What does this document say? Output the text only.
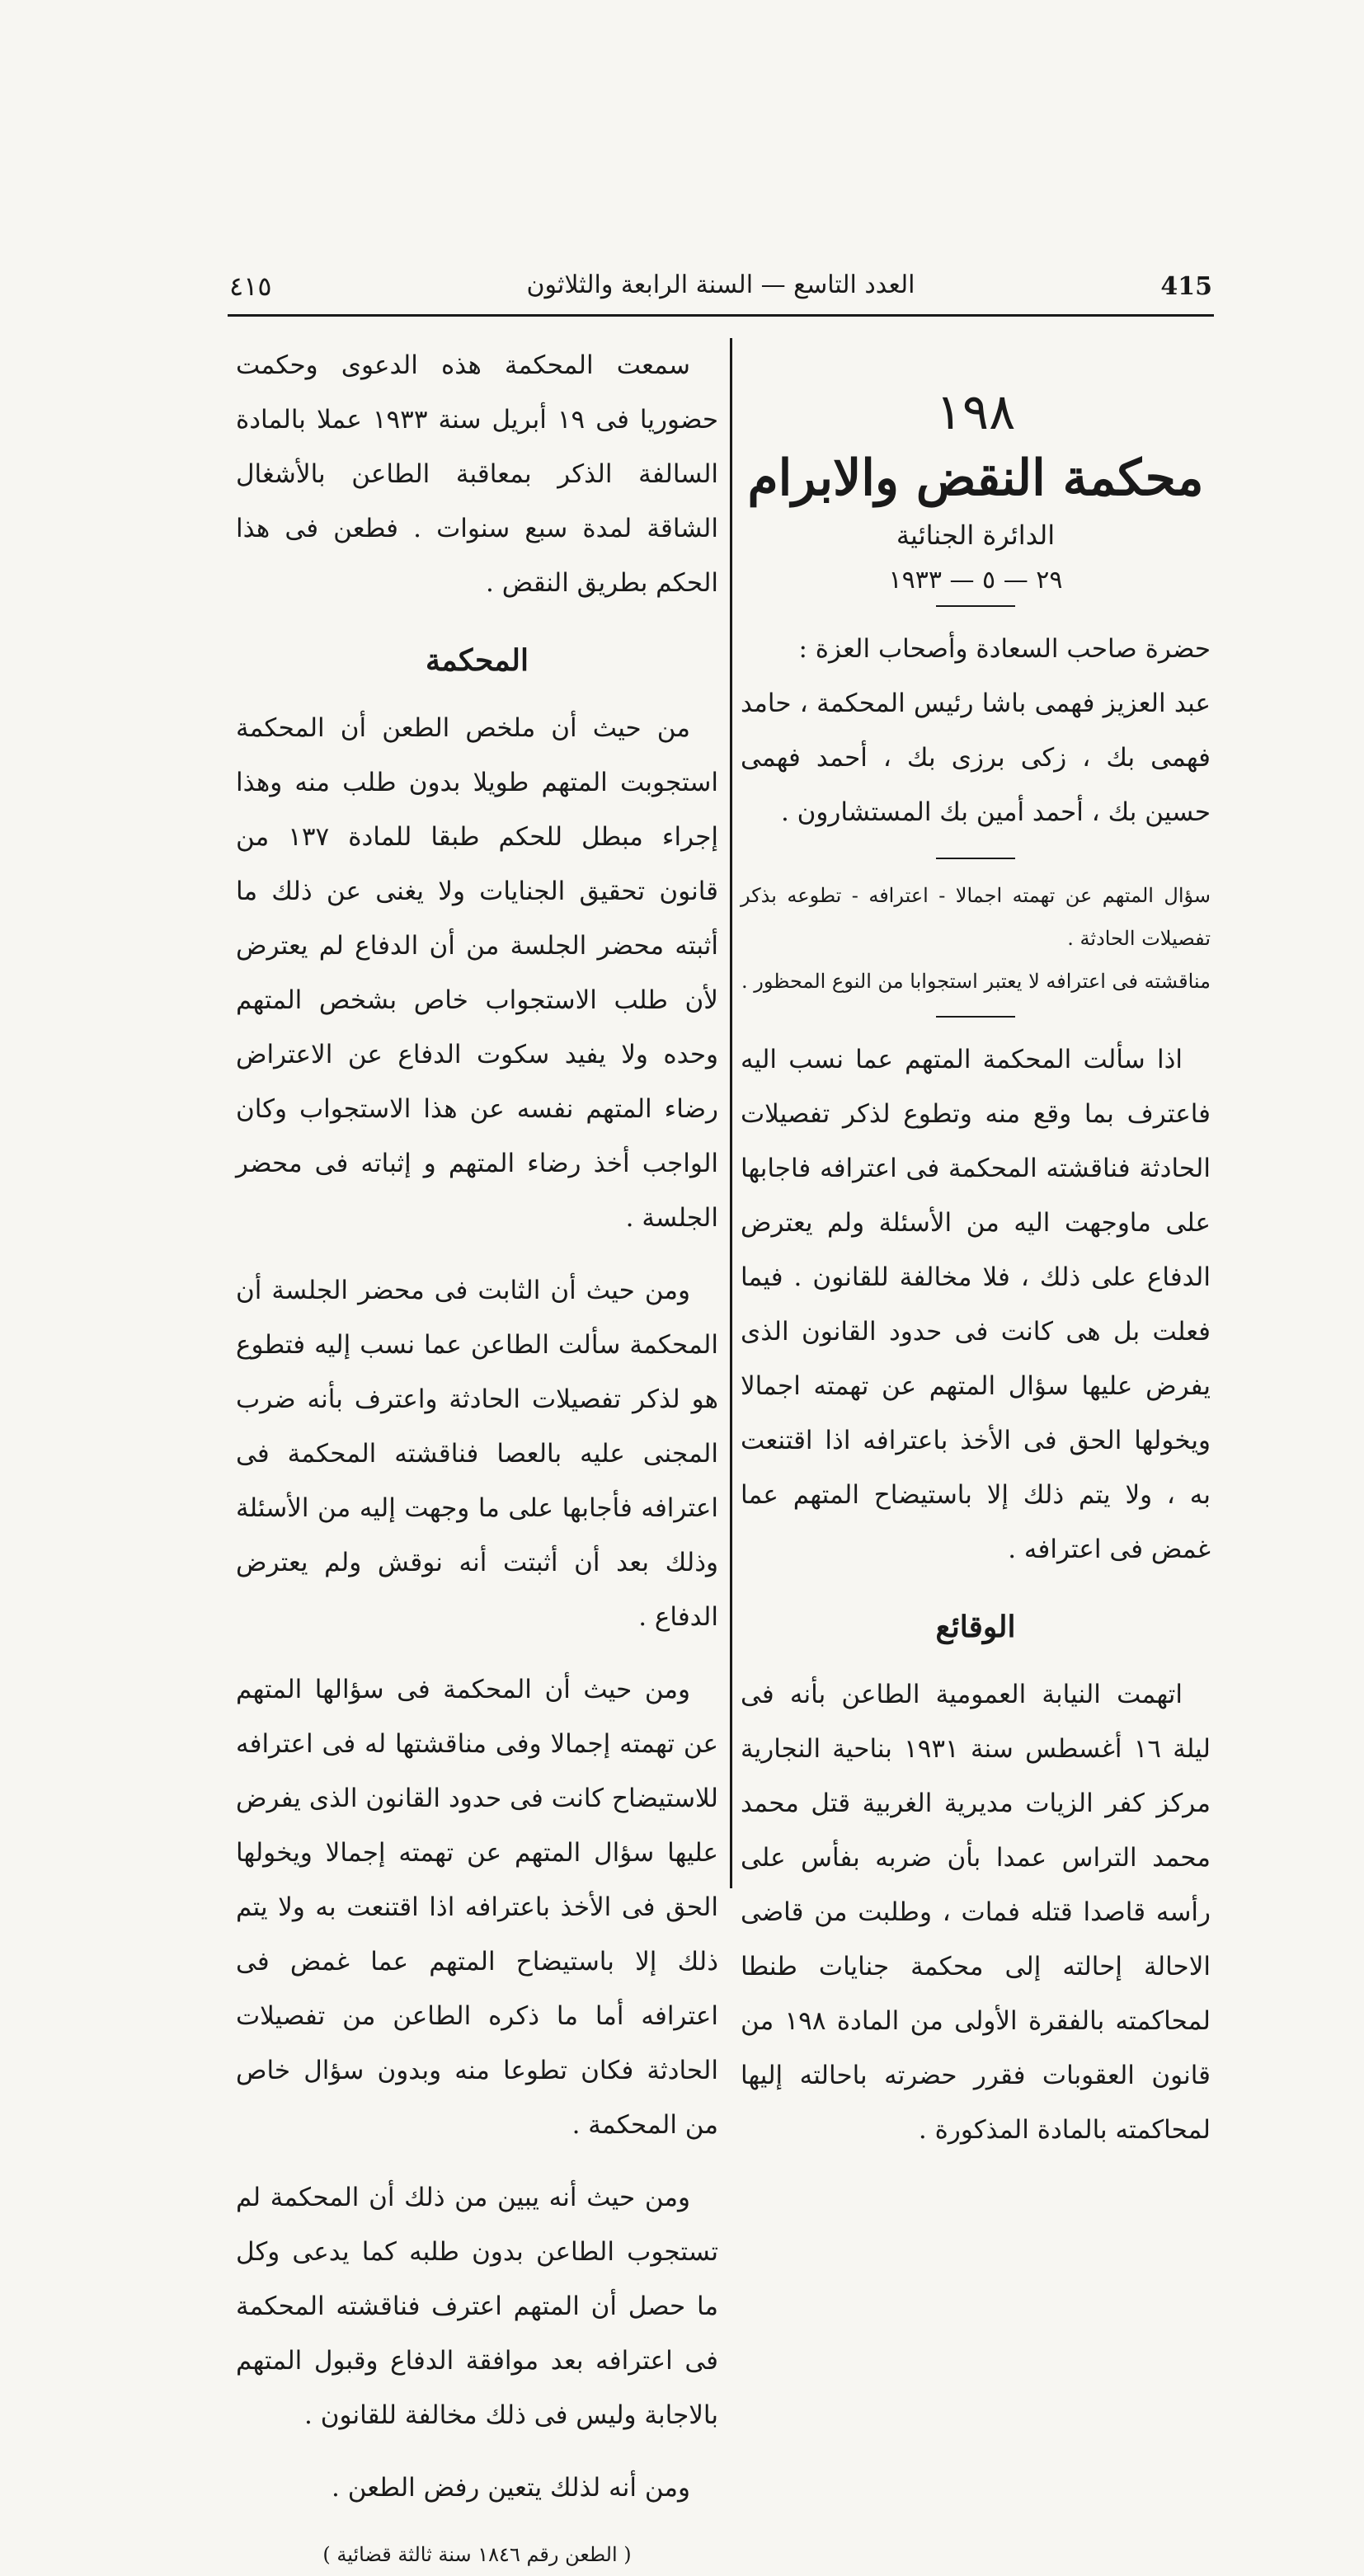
415
العدد التاسع — السنة الرابعة والثلاثون
٤١٥
١٩٨
محكمة النقض والابرام
الدائرة الجنائية
٢٩ — ٥ — ١٩٣٣

حضرة صاحب السعادة وأصحاب العزة :

عبد العزيز فهمى باشا رئيس المحكمة ، حامد فهمى بك ، زكى برزى بك ، أحمد فهمى حسين بك ، أحمد أمين بك المستشارون .

سؤال المتهم عن تهمته اجمالا - اعترافه - تطوعه بذكر تفصيلات الحادثة .

مناقشته فى اعترافه لا يعتبر استجوابا من النوع المحظور .

اذا سألت المحكمة المتهم عما نسب اليه فاعترف بما وقع منه وتطوع لذكر تفصيلات الحادثة فناقشته المحكمة فى اعترافه فاجابها على ماوجهت اليه من الأسئلة ولم يعترض الدفاع على ذلك ، فلا مخالفة للقانون . فيما فعلت بل هى كانت فى حدود القانون الذى يفرض عليها سؤال المتهم عن تهمته اجمالا ويخولها الحق فى الأخذ باعترافه اذا اقتنعت به ، ولا يتم ذلك إلا باستيضاح المتهم عما غمض فى اعترافه .

الوقائع

اتهمت النيابة العمومية الطاعن بأنه فى ليلة ١٦ أغسطس سنة ١٩٣١ بناحية النجارية مركز كفر الزيات مديرية الغربية قتل محمد محمد التراس عمدا بأن ضربه بفأس على رأسه قاصدا قتله فمات ، وطلبت من قاضى الاحالة إحالته إلى محكمة جنايات طنطا لمحاكمته بالفقرة الأولى من المادة ١٩٨ من قانون العقوبات فقرر حضرته باحالته إليها لمحاكمته بالمادة المذكورة .

سمعت المحكمة هذه الدعوى وحكمت حضوريا فى ١٩ أبريل سنة ١٩٣٣ عملا بالمادة السالفة الذكر بمعاقبة الطاعن بالأشغال الشاقة لمدة سبع سنوات . فطعن فى هذا الحكم بطريق النقض .

المحكمة

من حيث أن ملخص الطعن أن المحكمة استجوبت المتهم طويلا بدون طلب منه وهذا إجراء مبطل للحكم طبقا للمادة ١٣٧ من قانون تحقيق الجنايات ولا يغنى عن ذلك ما أثبته محضر الجلسة من أن الدفاع لم يعترض لأن طلب الاستجواب خاص بشخص المتهم وحده ولا يفيد سكوت الدفاع عن الاعتراض رضاء المتهم نفسه عن هذا الاستجواب وكان الواجب أخذ رضاء المتهم و إثباته فى محضر الجلسة .

ومن حيث أن الثابت فى محضر الجلسة أن المحكمة سألت الطاعن عما نسب إليه فتطوع هو لذكر تفصيلات الحادثة واعترف بأنه ضرب المجنى عليه بالعصا فناقشته المحكمة فى اعترافه فأجابها على ما وجهت إليه من الأسئلة وذلك بعد أن أثبتت أنه نوقش ولم يعترض الدفاع .

ومن حيث أن المحكمة فى سؤالها المتهم عن تهمته إجمالا وفى مناقشتها له فى اعترافه للاستيضاح كانت فى حدود القانون الذى يفرض عليها سؤال المتهم عن تهمته إجمالا ويخولها الحق فى الأخذ باعترافه اذا اقتنعت به ولا يتم ذلك إلا باستيضاح المتهم عما غمض فى اعترافه أما ما ذكره الطاعن من تفصيلات الحادثة فكان تطوعا منه وبدون سؤال خاص من المحكمة .

ومن حيث أنه يبين من ذلك أن المحكمة لم تستجوب الطاعن بدون طلبه كما يدعى وكل ما حصل أن المتهم اعترف فناقشته المحكمة فى اعترافه بعد موافقة الدفاع وقبول المتهم بالاجابة وليس فى ذلك مخالفة للقانون .

ومن أنه لذلك يتعين رفض الطعن .

( الطعن رقم ١٨٤٦ سنة ثالثة قضائية )
